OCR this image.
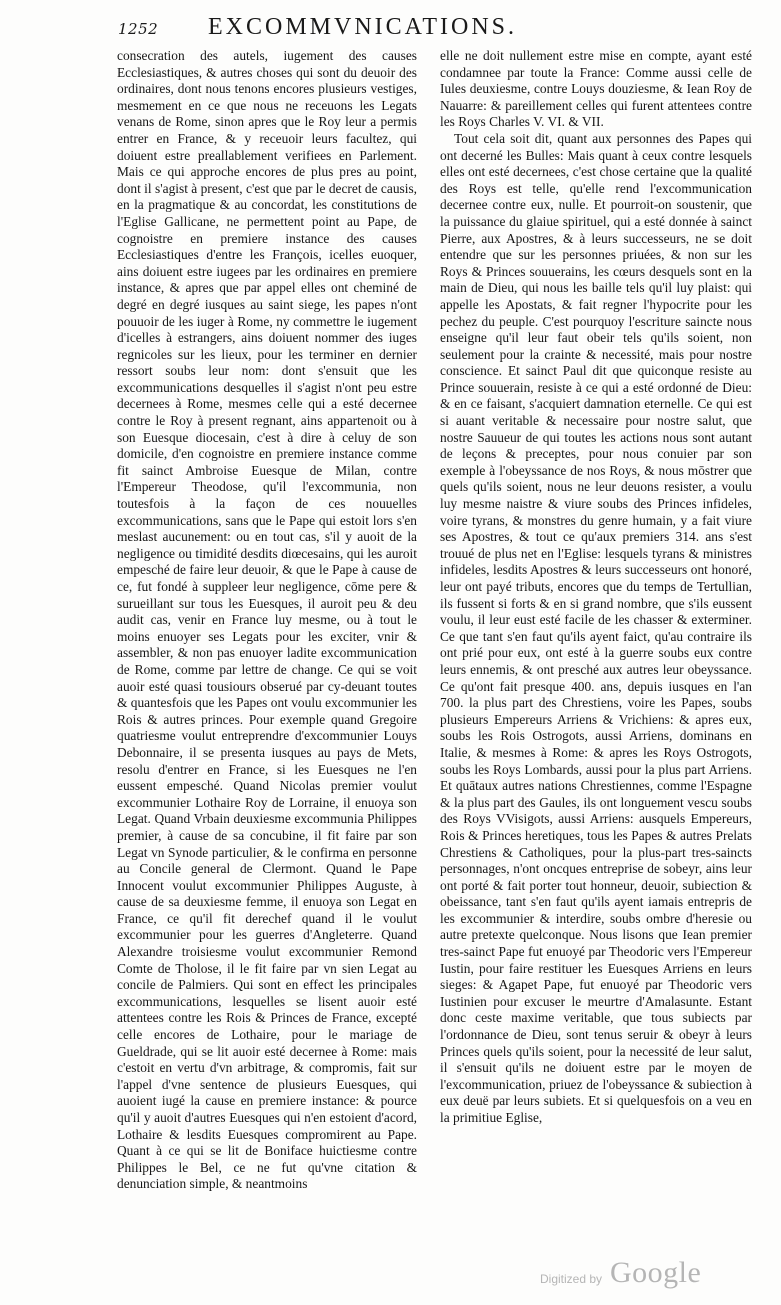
1252 EXCOMMVNICATIONS.

consecration des autels, iugement des causes Ecclesiastiques, & autres choses qui sont du deuoir des ordinaires, dont nous tenons encores plusieurs vestiges, mesmement en ce que nous ne receuons les Legats venans de Rome, sinon apres que le Roy leur a permis entrer en France, & y receuoir leurs facultez, qui doiuent estre preallablement verifiees en Parlement. Mais ce qui approche encores de plus pres au point, dont il s'agist à present, c'est que par le decret de causis, en la pragmatique & au concordat, les constitutions de l'Eglise Gallicane, ne permettent point au Pape, de cognoistre en premiere instance des causes Ecclesiastiques d'entre les François, icelles euoquer, ains doiuent estre iugees par les ordinaires en premiere instance, & apres que par appel elles ont cheminé de degré en degré iusques au saint siege, les papes n'ont pouuoir de les iuger à Rome, ny commettre le iugement d'icelles à estrangers, ains doiuent nommer des iuges regnicoles sur les lieux, pour les terminer en dernier ressort soubs leur nom: dont s'ensuit que les excommunications desquelles il s'agist n'ont peu estre decernees à Rome, mesmes celle qui a esté decernee contre le Roy à present regnant, ains appartenoit ou à son Euesque diocesain, c'est à dire à celuy de son domicile, d'en cognoistre en premiere instance comme fit sainct Ambroise Euesque de Milan, contre l'Empereur Theodose, qu'il l'excommunia, non toutesfois à la façon de ces nouuelles excommunications, sans que le Pape qui estoit lors s'en meslast aucunement: ou en tout cas, s'il y auoit de la negligence ou timidité desdits diœcesains, qui les auroit empesché de faire leur deuoir, & que le Pape à cause de ce, fut fondé à suppleer leur negligence, cōme pere & surueillant sur tous les Euesques, il auroit peu & deu audit cas, venir en France luy mesme, ou à tout le moins enuoyer ses Legats pour les exciter, vnir & assembler, & non pas enuoyer ladite excommunication de Rome, comme par lettre de change. Ce qui se voit auoir esté quasi tousiours obserué par cy-deuant toutes & quantesfois que les Papes ont voulu excommunier les Rois & autres princes. Pour exemple quand Gregoire quatriesme voulut entreprendre d'excommunier Louys Debonnaire, il se presenta iusques au pays de Mets, resolu d'entrer en France, si les Euesques ne l'en eussent empesché. Quand Nicolas premier voulut excommunier Lothaire Roy de Lorraine, il enuoya son Legat. Quand Vrbain deuxiesme excommunia Philippes premier, à cause de sa concubine, il fit faire par son Legat vn Synode particulier, & le confirma en personne au Concile general de Clermont. Quand le Pape Innocent voulut excommunier Philippes Auguste, à cause de sa deuxiesme femme, il enuoya son Legat en France, ce qu'il fit derechef quand il le voulut excommunier pour les guerres d'Angleterre. Quand Alexandre troisiesme voulut excommunier Remond Comte de Tholose, il le fit faire par vn sien Legat au concile de Palmiers. Qui sont en effect les principales excommunications, lesquelles se lisent auoir esté attentees contre les Rois & Princes de France, excepté celle encores de Lothaire, pour le mariage de Gueldrade, qui se lit auoir esté decernee à Rome: mais c'estoit en vertu d'vn arbitrage, & compromis, fait sur l'appel d'vne sentence de plusieurs Euesques, qui auoient iugé la cause en premiere instance: & pource qu'il y auoit d'autres Euesques qui n'en estoient d'acord, Lothaire & lesdits Euesques compromirent au Pape. Quant à ce qui se lit de Boniface huictiesme contre Philippes le Bel, ce ne fut qu'vne citation & denunciation simple, & neantmoins

elle ne doit nullement estre mise en compte, ayant esté condamnee par toute la France: Comme aussi celle de Iules deuxiesme, contre Louys douziesme, & Iean Roy de Nauarre: & pareillement celles qui furent attentees contre les Roys Charles V. VI. & VII.

Tout cela soit dit, quant aux personnes des Papes qui ont decerné les Bulles: Mais quant à ceux contre lesquels elles ont esté decernees, c'est chose certaine que la qualité des Roys est telle, qu'elle rend l'excommunication decernee contre eux, nulle. Et pourroit-on soustenir, que la puissance du glaiue spirituel, qui a esté donnée à sainct Pierre, aux Apostres, & à leurs successeurs, ne se doit entendre que sur les personnes priuées, & non sur les Roys & Princes souuerains, les cœurs desquels sont en la main de Dieu, qui nous les baille tels qu'il luy plaist: qui appelle les Apostats, & fait regner l'hypocrite pour les pechez du peuple. C'est pourquoy l'escriture saincte nous enseigne qu'il leur faut obeir tels qu'ils soient, non seulement pour la crainte & necessité, mais pour nostre conscience. Et sainct Paul dit que quiconque resiste au Prince souuerain, resiste à ce qui a esté ordonné de Dieu: & en ce faisant, s'acquiert damnation eternelle. Ce qui est si auant veritable & necessaire pour nostre salut, que nostre Sauueur de qui toutes les actions nous sont autant de leçons & preceptes, pour nous conuier par son exemple à l'obeyssance de nos Roys, & nous mōstrer que quels qu'ils soient, nous ne leur deuons resister, a voulu luy mesme naistre & viure soubs des Princes infideles, voire tyrans, & monstres du genre humain, y a fait viure ses Apostres, & tout ce qu'aux premiers 314. ans s'est trouué de plus net en l'Eglise: lesquels tyrans & ministres infideles, lesdits Apostres & leurs successeurs ont honoré, leur ont payé tributs, encores que du temps de Tertullian, ils fussent si forts & en si grand nombre, que s'ils eussent voulu, il leur eust esté facile de les chasser & exterminer. Ce que tant s'en faut qu'ils ayent faict, qu'au contraire ils ont prié pour eux, ont esté à la guerre soubs eux contre leurs ennemis, & ont presché aux autres leur obeyssance. Ce qu'ont fait presque 400. ans, depuis iusques en l'an 700. la plus part des Chrestiens, voire les Papes, soubs plusieurs Empereurs Arriens & Vrichiens: & apres eux, soubs les Rois Ostrogots, aussi Arriens, dominans en Italie, & mesmes à Rome: & apres les Roys Ostrogots, soubs les Roys Lombards, aussi pour la plus part Arriens. Et quātaux autres nations Chrestiennes, comme l'Espagne & la plus part des Gaules, ils ont longuement vescu soubs des Roys VVisigots, aussi Arriens: ausquels Empereurs, Rois & Princes heretiques, tous les Papes & autres Prelats Chrestiens & Catholiques, pour la plus-part tres-saincts personnages, n'ont oncques entreprise de sobeyr, ains leur ont porté & fait porter tout honneur, deuoir, subiection & obeissance, tant s'en faut qu'ils ayent iamais entrepris de les excommunier & interdire, soubs ombre d'heresie ou autre pretexte quelconque. Nous lisons que Iean premier tres-sainct Pape fut enuoyé par Theodoric vers l'Empereur Iustin, pour faire restituer les Euesques Arriens en leurs sieges: & Agapet Pape, fut enuoyé par Theodoric vers Iustinien pour excuser le meurtre d'Amalasunte. Estant donc ceste maxime veritable, que tous subiects par l'ordonnance de Dieu, sont tenus seruir & obeyr à leurs Princes quels qu'ils soient, pour la necessité de leur salut, il s'ensuit qu'ils ne doiuent estre par le moyen de l'excommunication, priuez de l'obeyssance & subiection à eux deuë par leurs subiets. Et si quelquesfois on a veu en la primitiue Eglise,

Digitized by Google
